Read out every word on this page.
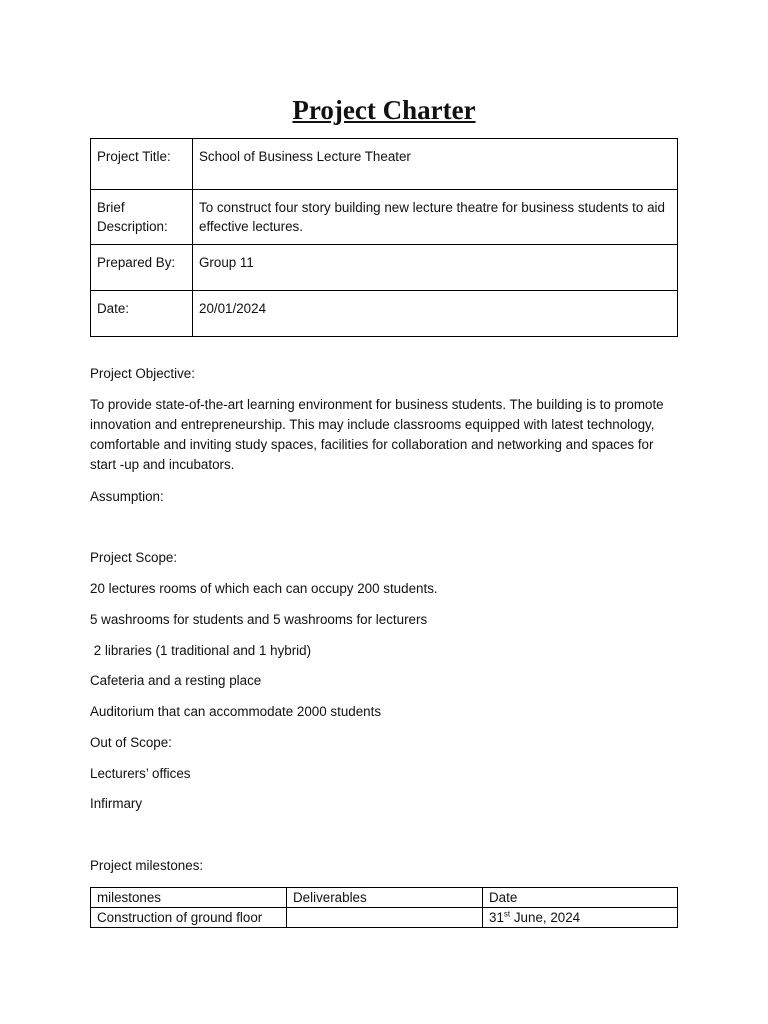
Project Charter
Project Title:	School of Business Lecture Theater
Brief Description:	To construct four story building new lecture theatre for business students to aid effective lectures.
Prepared By:	Group 11
Date:	20/01/2024

Project Objective:

To provide state-of-the-art learning environment for business students. The building is to promote innovation and entrepreneurship. This may include classrooms equipped with latest technology, comfortable and inviting study spaces, facilities for collaboration and networking and spaces for start -up and incubators.

Assumption:

Project Scope:

20 lectures rooms of which each can occupy 200 students.

5 washrooms for students and 5 washrooms for lecturers

2 libraries (1 traditional and 1 hybrid)

Cafeteria and a resting place

Auditorium that can accommodate 2000 students

Out of Scope:

Lecturers’ offices

Infirmary

Project milestones:

milestones	Deliverables	Date
Construction of ground floor		31st June, 2024
